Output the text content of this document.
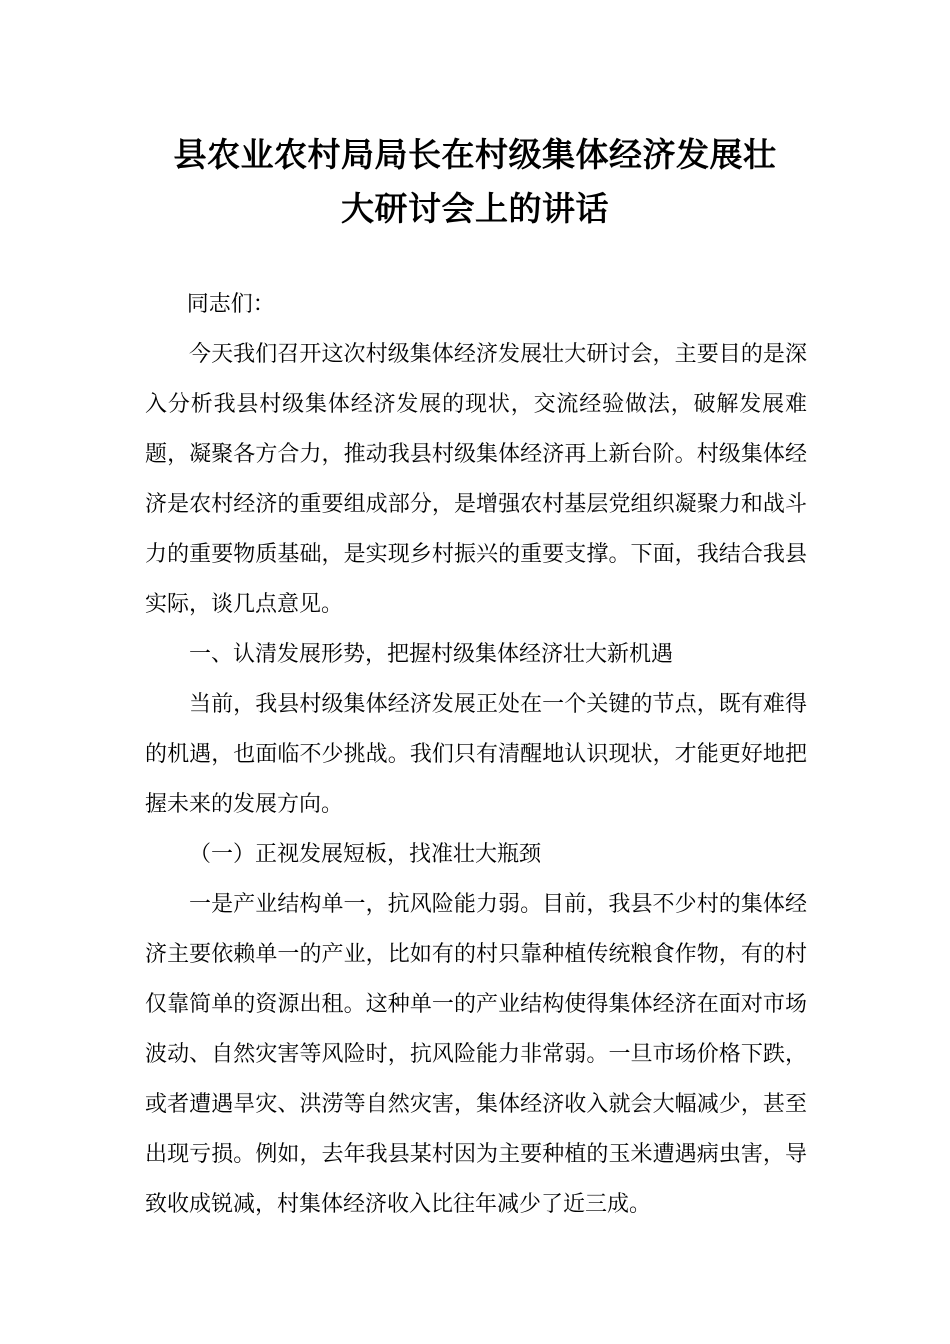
县农业农村局局长在村级集体经济发展壮
大研讨会上的讲话

同志们：

今天我们召开这次村级集体经济发展壮大研讨会，主要目的是深入分析我县村级集体经济发展的现状，交流经验做法，破解发展难题，凝聚各方合力，推动我县村级集体经济再上新台阶。村级集体经济是农村经济的重要组成部分，是增强农村基层党组织凝聚力和战斗力的重要物质基础，是实现乡村振兴的重要支撑。下面，我结合我县实际，谈几点意见。

一、认清发展形势，把握村级集体经济壮大新机遇

当前，我县村级集体经济发展正处在一个关键的节点，既有难得的机遇，也面临不少挑战。我们只有清醒地认识现状，才能更好地把握未来的发展方向。

（一）正视发展短板，找准壮大瓶颈

一是产业结构单一，抗风险能力弱。目前，我县不少村的集体经济主要依赖单一的产业，比如有的村只靠种植传统粮食作物，有的村仅靠简单的资源出租。这种单一的产业结构使得集体经济在面对市场波动、自然灾害等风险时，抗风险能力非常弱。一旦市场价格下跌，或者遭遇旱灾、洪涝等自然灾害，集体经济收入就会大幅减少，甚至出现亏损。例如，去年我县某村因为主要种植的玉米遭遇病虫害，导致收成锐减，村集体经济收入比往年减少了近三成。
